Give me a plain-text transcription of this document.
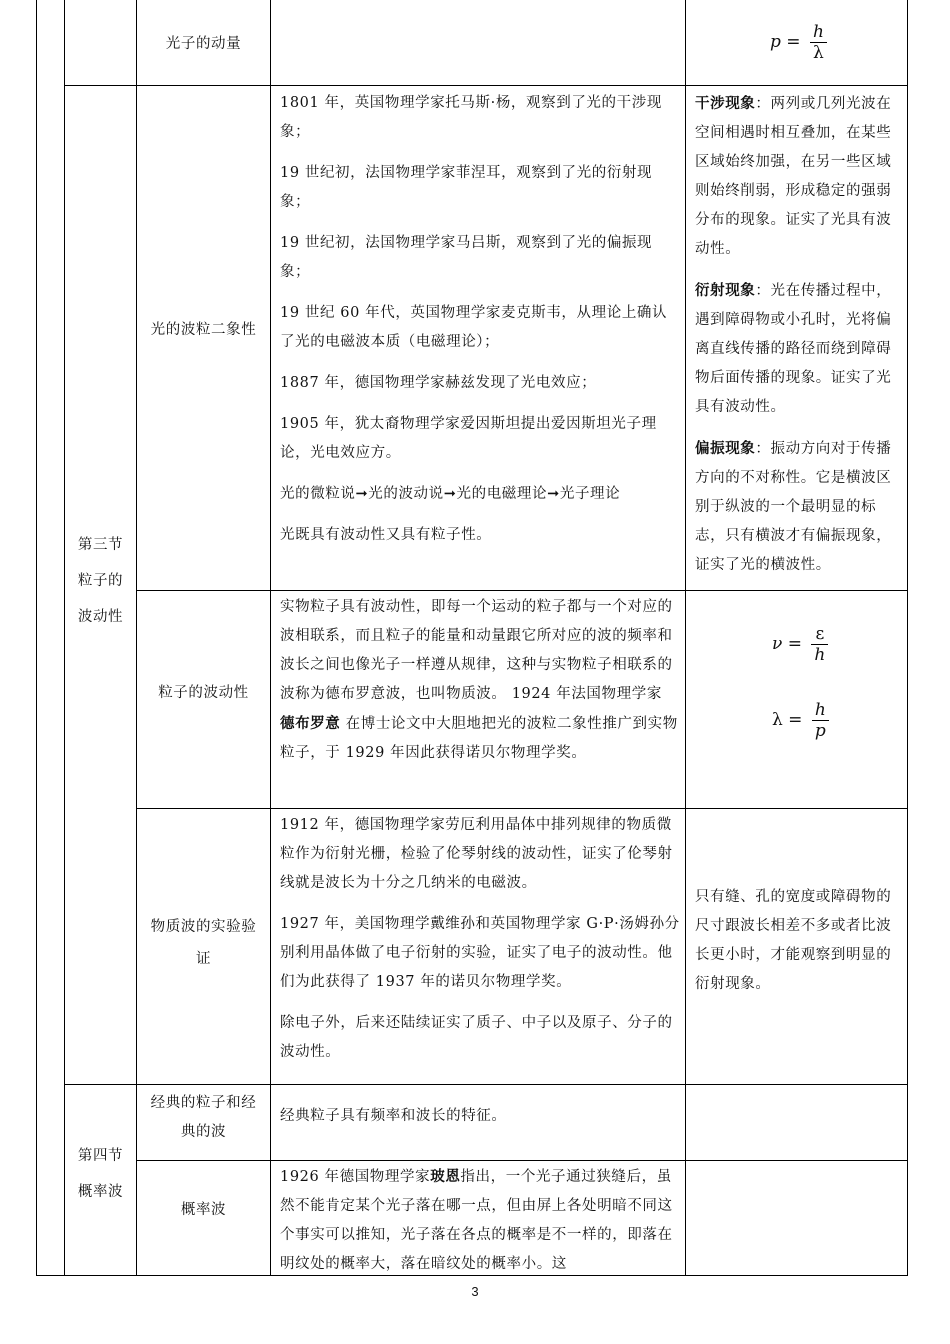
光子的动量	$p = \frac{h}{\lambda}$
光的波粒二象性

1801 年，英国物理学家托马斯·杨，观察到了光的干涉现象；

19 世纪初，法国物理学家菲涅耳，观察到了光的衍射现象；

19 世纪初，法国物理学家马吕斯，观察到了光的偏振现象；

19 世纪 60 年代，英国物理学家麦克斯韦，从理论上确认了光的电磁波本质（电磁理论）；

1887 年，德国物理学家赫兹发现了光电效应；

1905 年，犹太裔物理学家爱因斯坦提出爱因斯坦光子理论，光电效应方。

光的微粒说➞光的波动说➞光的电磁理论➞光子理论

光既具有波动性又具有粒子性。

干涉现象：两列或几列光波在空间相遇时相互叠加，在某些区域始终加强，在另一些区域则始终削弱，形成稳定的强弱分布的现象。证实了光具有波动性。

衍射现象：光在传播过程中，遇到障碍物或小孔时，光将偏离直线传播的路径而绕到障碍物后面传播的现象。证实了光具有波动性。

偏振现象：振动方向对于传播方向的不对称性。它是横波区别于纵波的一个最明显的标志，只有横波才有偏振现象，证实了光的横波性。

第三节
粒子的
波动性
粒子的波动性
实物粒子具有波动性，即每一个运动的粒子都与一个对应的波相联系，而且粒子的能量和动量跟它所对应的波的频率和波长之间也像光子一样遵从规律，这种与实物粒子相联系的波称为德布罗意波，也叫物质波。 1924 年法国物理学家 德布罗意 在博士论文中大胆地把光的波粒二象性推广到实物粒子，于 1929 年因此获得诺贝尔物理学奖。
$\nu = \frac{\varepsilon}{h}$
$\lambda = \frac{h}{p}$
物质波的实验验
证

1912 年，德国物理学家劳厄利用晶体中排列规律的物质微粒作为衍射光栅，检验了伦琴射线的波动性，证实了伦琴射线就是波长为十分之几纳米的电磁波。

1927 年，美国物理学戴维孙和英国物理学家 G·P·汤姆孙分别利用晶体做了电子衍射的实验，证实了电子的波动性。他们为此获得了 1937 年的诺贝尔物理学奖。

除电子外，后来还陆续证实了质子、中子以及原子、分子的波动性。

只有缝、孔的宽度或障碍物的尺寸跟波长相差不多或者比波长更小时，才能观察到明显的衍射现象。
第四节
概率波
经典的粒子和经
典的波
经典粒子具有频率和波长的特征。
概率波
1926 年德国物理学家玻恩指出，一个光子通过狭缝后，虽然不能肯定某个光子落在哪一点，但由屏上各处明暗不同这个事实可以推知，光子落在各点的概率是不一样的，即落在明纹处的概率大，落在暗纹处的概率小。这
3
